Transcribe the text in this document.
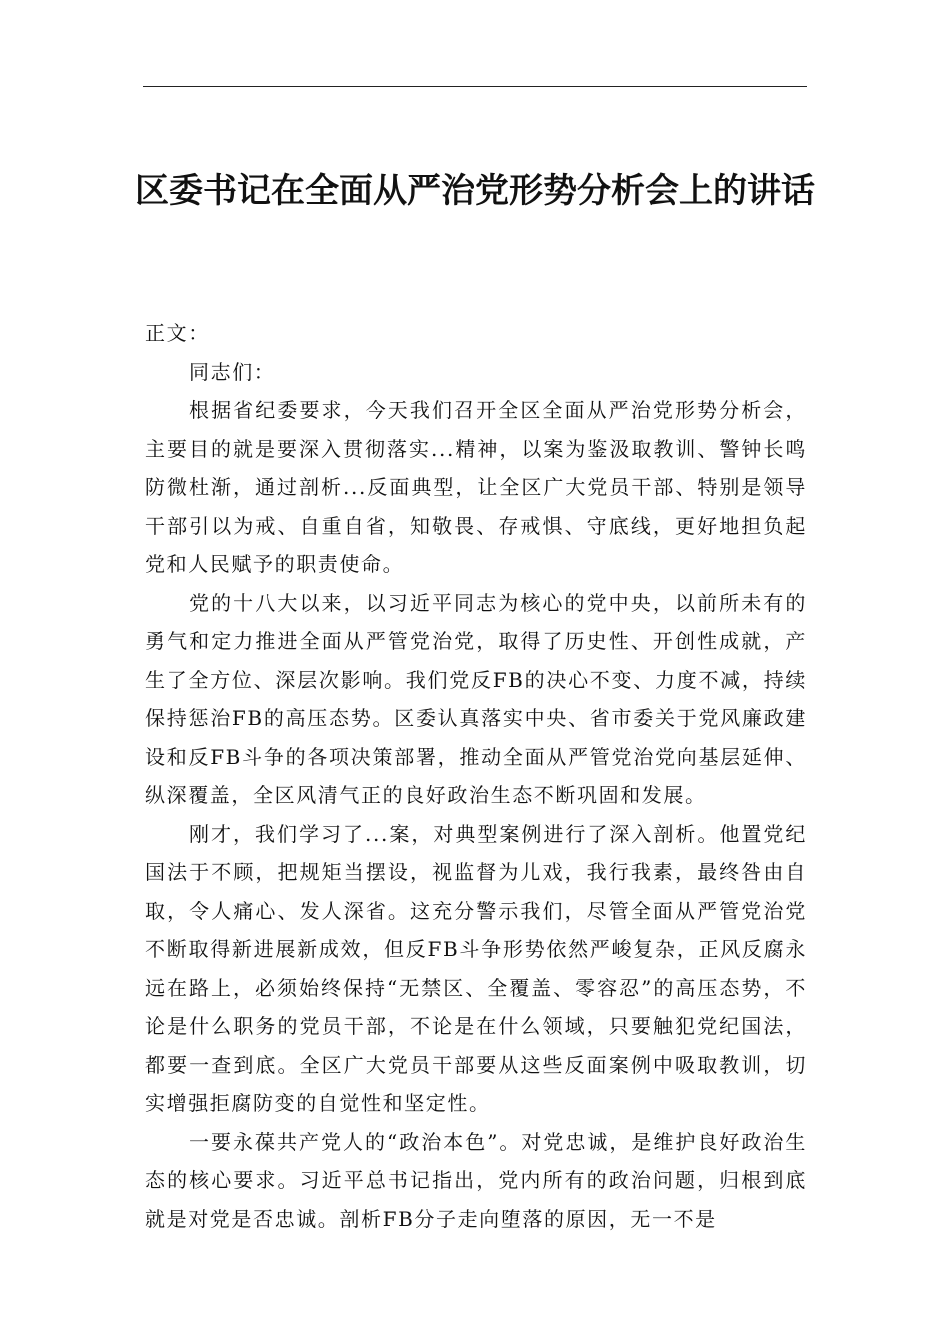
区委书记在全面从严治党形势分析会上的讲话

正文：

同志们：

根据省纪委要求，今天我们召开全区全面从严治党形势分析会，主要目的就是要深入贯彻落实...精神，以案为鉴汲取教训、警钟长鸣防微杜渐，通过剖析...反面典型，让全区广大党员干部、特别是领导干部引以为戒、自重自省，知敬畏、存戒惧、守底线，更好地担负起党和人民赋予的职责使命。

党的十八大以来，以习近平同志为核心的党中央，以前所未有的勇气和定力推进全面从严管党治党，取得了历史性、开创性成就，产生了全方位、深层次影响。我们党反FB的决心不变、力度不减，持续保持惩治FB的高压态势。区委认真落实中央、省市委关于党风廉政建设和反FB斗争的各项决策部署，推动全面从严管党治党向基层延伸、纵深覆盖，全区风清气正的良好政治生态不断巩固和发展。

刚才，我们学习了...案，对典型案例进行了深入剖析。他置党纪国法于不顾，把规矩当摆设，视监督为儿戏，我行我素，最终咎由自取，令人痛心、发人深省。这充分警示我们，尽管全面从严管党治党不断取得新进展新成效，但反FB斗争形势依然严峻复杂，正风反腐永远在路上，必须始终保持“无禁区、全覆盖、零容忍”的高压态势，不论是什么职务的党员干部，不论是在什么领域，只要触犯党纪国法，都要一查到底。全区广大党员干部要从这些反面案例中吸取教训，切实增强拒腐防变的自觉性和坚定性。

一要永葆共产党人的“政治本色”。对党忠诚，是维护良好政治生态的核心要求。习近平总书记指出，党内所有的政治问题，归根到底就是对党是否忠诚。剖析FB分子走向堕落的原因，无一不是
